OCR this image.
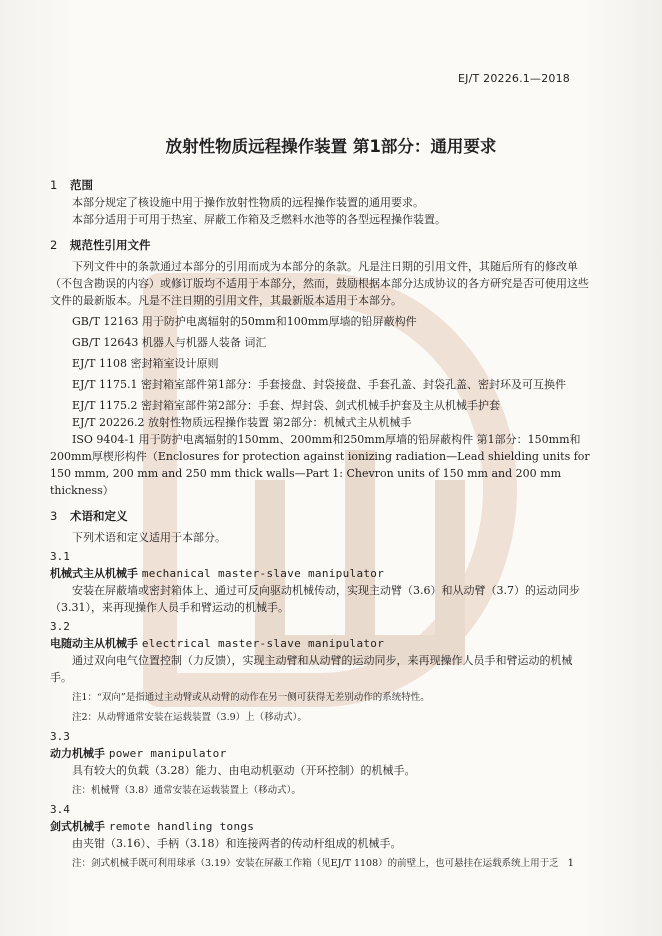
EJ/T 20226.1—2018
放射性物质远程操作装置 第1部分：通用要求
1 范围

本部分规定了核设施中用于操作放射性物质的远程操作装置的通用要求。

本部分适用于可用于热室、屏蔽工作箱及乏燃料水池等的各型远程操作装置。

2 规范性引用文件

下列文件中的条款通过本部分的引用而成为本部分的条款。凡是注日期的引用文件，其随后所有的修改单（不包含勘误的内容）或修订版均不适用于本部分，然而，鼓励根据本部分达成协议的各方研究是否可使用这些文件的最新版本。凡是不注日期的引用文件，其最新版本适用于本部分。

GB/T 12163 用于防护电离辐射的50mm和100mm厚墙的铅屏蔽构件

GB/T 12643 机器人与机器人装备 词汇

EJ/T 1108 密封箱室设计原则

EJ/T 1175.1 密封箱室部件第1部分：手套接盘、封袋接盘、手套孔盖、封袋孔盖、密封环及可互换件

EJ/T 1175.2 密封箱室部件第2部分：手套、焊封袋、剑式机械手护套及主从机械手护套

EJ/T 20226.2 放射性物质远程操作装置 第2部分：机械式主从机械手

ISO 9404-1 用于防护电离辐射的150mm、200mm和250mm厚墙的铅屏蔽构件 第1部分：150mm和200mm厚楔形构件（Enclosures for protection against ionizing radiation—Lead shielding units for 150 mmm, 200 mm and 250 mm thick walls—Part 1: Chevron units of 150 mm and 200 mm thickness）

3 术语和定义

下列术语和定义适用于本部分。

3.1
机械式主从机械手 mechanical master-slave manipulator

安装在屏蔽墙或密封箱体上、通过可反向驱动机械传动，实现主动臂（3.6）和从动臂（3.7）的运动同步（3.31），来再现操作人员手和臂运动的机械手。

3.2
电随动主从机械手 electrical master-slave manipulator

通过双向电气位置控制（力反馈），实现主动臂和从动臂的运动同步，来再现操作人员手和臂运动的机械手。

注1：“双向”是指通过主动臂或从动臂的动作在另一侧可获得无差别动作的系统特性。

注2：从动臂通常安装在运载装置（3.9）上（移动式）。

3.3
动力机械手 power manipulator

具有较大的负载（3.28）能力、由电动机驱动（开环控制）的机械手。

注：机械臂（3.8）通常安装在运载装置上（移动式）。

3.4
剑式机械手 remote handling tongs

由夹钳（3.16）、手柄（3.18）和连接两者的传动杆组成的机械手。

注：剑式机械手既可利用球承（3.19）安装在屏蔽工作箱（见EJ/T 1108）的前壁上，也可悬挂在运载系统上用于乏 1
